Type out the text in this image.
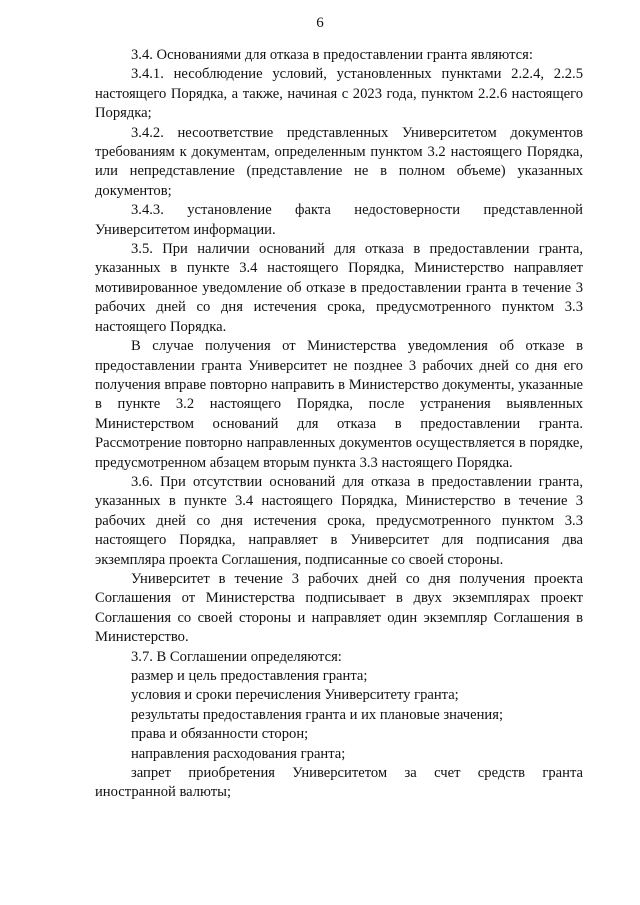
6

3.4. Основаниями для отказа в предоставлении гранта являются:

3.4.1. несоблюдение условий, установленных пунктами 2.2.4, 2.2.5 настоящего Порядка, а также, начиная с 2023 года, пунктом 2.2.6 настоящего Порядка;

3.4.2. несоответствие представленных Университетом документов требованиям к документам, определенным пунктом 3.2 настоящего Порядка, или непредставление (представление не в полном объеме) указанных документов;

3.4.3. установление факта недостоверности представленной Университетом информации.

3.5. При наличии оснований для отказа в предоставлении гранта, указанных в пункте 3.4 настоящего Порядка, Министерство направляет мотивированное уведомление об отказе в предоставлении гранта в течение 3 рабочих дней со дня истечения срока, предусмотренного пунктом 3.3 настоящего Порядка.

В случае получения от Министерства уведомления об отказе в предоставлении гранта Университет не позднее 3 рабочих дней со дня его получения вправе повторно направить в Министерство документы, указанные в пункте 3.2 настоящего Порядка, после устранения выявленных Министерством оснований для отказа в предоставлении гранта. Рассмотрение повторно направленных документов осуществляется в порядке, предусмотренном абзацем вторым пункта 3.3 настоящего Порядка.

3.6. При отсутствии оснований для отказа в предоставлении гранта, указанных в пункте 3.4 настоящего Порядка, Министерство в течение 3 рабочих дней со дня истечения срока, предусмотренного пунктом 3.3 настоящего Порядка, направляет в Университет для подписания два экземпляра проекта Соглашения, подписанные со своей стороны.

Университет в течение 3 рабочих дней со дня получения проекта Соглашения от Министерства подписывает в двух экземплярах проект Соглашения со своей стороны и направляет один экземпляр Соглашения в Министерство.

3.7. В Соглашении определяются:

размер и цель предоставления гранта;

условия и сроки перечисления Университету гранта;

результаты предоставления гранта и их плановые значения;

права и обязанности сторон;

направления расходования гранта;

запрет приобретения Университетом за счет средств гранта иностранной валюты;
